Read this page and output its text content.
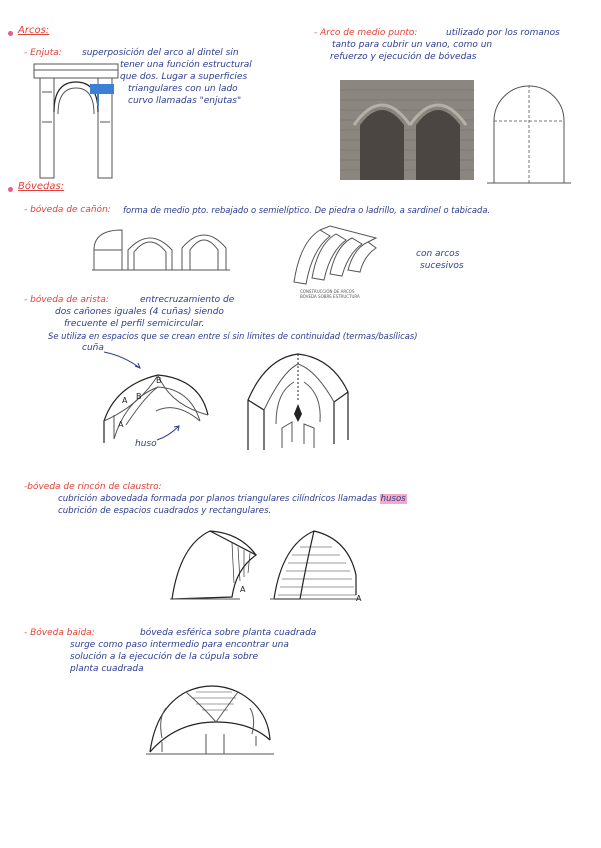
Arcos:
- Enjuta: superposición del arco al dintel sin
tener una función estructural
que dos. Lugar a superficies
triangulares con un lado
curvo llamadas "enjutas"
- Arco de medio punto:	utilizado por los romanos
tanto para cubrir un vano, como un
refuerzo y ejecución de bóvedas
Bóvedas:
- bóveda de cañón: forma de medio pto. rebajado o semielíptico. De piedra o ladrillo, a sardinel o tabicada.
CONSTRUCCIÓN DE ARCOS
BÓVEDA SOBRE ESTRUCTURA
con arcos
sucesivos
- bóveda de arista:	entrecruzamiento de
dos cañones iguales (4 cuñas) siendo
frecuente el perfil semicircular.
Se utiliza en espacios que se crean entre sí sin límites de continuidad (termas/basílicas)
cuña
B
B
A
A
huso
-bóveda de rincón de claustro:
cubrición abovedada formada por planos triangulares cilíndricos llamadas husos
cubrición de espacios cuadrados y rectangulares.
A
A
- Bóveda baida:	bóveda esférica sobre planta cuadrada
surge como paso intermedio para encontrar una
solución a la ejecución de la cúpula sobre
planta cuadrada
